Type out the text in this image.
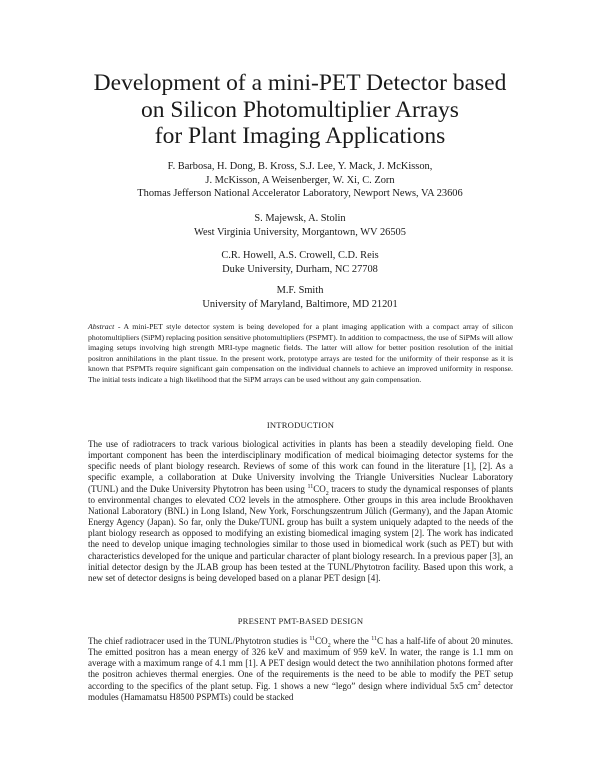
Development of a mini-PET Detector based
on Silicon Photomultiplier Arrays
for Plant Imaging Applications
F. Barbosa, H. Dong, B. Kross, S.J. Lee, Y. Mack, J. McKisson,
J. McKisson, A Weisenberger, W. Xi, C. Zorn
Thomas Jefferson National Accelerator Laboratory, Newport News, VA 23606
S. Majewsk, A. Stolin
West Virginia University, Morgantown, WV 26505
C.R. Howell, A.S. Crowell, C.D. Reis
Duke University, Durham, NC 27708
M.F. Smith
University of Maryland, Baltimore, MD 21201
Abstract - A mini-PET style detector system is being developed for a plant imaging application with a compact array of silicon photomultipliers (SiPM) replacing position sensitive photomultipliers (PSPMT). In addition to compactness, the use of SiPMs will allow imaging setups involving high strength MRI-type magnetic fields. The latter will allow for better position resolution of the initial positron annihilations in the plant tissue. In the present work, prototype arrays are tested for the uniformity of their response as it is known that PSPMTs require significant gain compensation on the individual channels to achieve an improved uniformity in response. The initial tests indicate a high likelihood that the SiPM arrays can be used without any gain compensation.
INTRODUCTION
The use of radiotracers to track various biological activities in plants has been a steadily developing field. One important component has been the interdisciplinary modification of medical bioimaging detector systems for the specific needs of plant biology research. Reviews of some of this work can found in the literature [1], [2]. As a specific example, a collaboration at Duke University involving the Triangle Universities Nuclear Laboratory (TUNL) and the Duke University Phytotron has been using $^{11}CO_2$ tracers to study the dynamical responses of plants to environmental changes to elevated CO2 levels in the atmosphere. Other groups in this area include Brookhaven National Laboratory (BNL) in Long Island, New York, Forschungszentrum Jülich (Germany), and the Japan Atomic Energy Agency (Japan). So far, only the Duke/TUNL group has built a system uniquely adapted to the needs of the plant biology research as opposed to modifying an existing biomedical imaging system [2]. The work has indicated the need to develop unique imaging technologies similar to those used in biomedical work (such as PET) but with characteristics developed for the unique and particular character of plant biology research. In a previous paper [3], an initial detector design by the JLAB group has been tested at the TUNL/Phytotron facility. Based upon this work, a new set of detector designs is being developed based on a planar PET design [4].
PRESENT PMT-BASED DESIGN
The chief radiotracer used in the TUNL/Phytotron studies is $^{11}CO_2$ where the $^{11}$C has a half-life of about 20 minutes. The emitted positron has a mean energy of 326 keV and maximum of 959 keV. In water, the range is 1.1 mm on average with a maximum range of 4.1 mm [1]. A PET design would detect the two annihilation photons formed after the positron achieves thermal energies. One of the requirements is the need to be able to modify the PET setup according to the specifics of the plant setup. Fig. 1 shows a new “lego” design where individual 5x5 $cm^2$ detector modules (Hamamatsu H8500 PSPMTs) could be stacked
